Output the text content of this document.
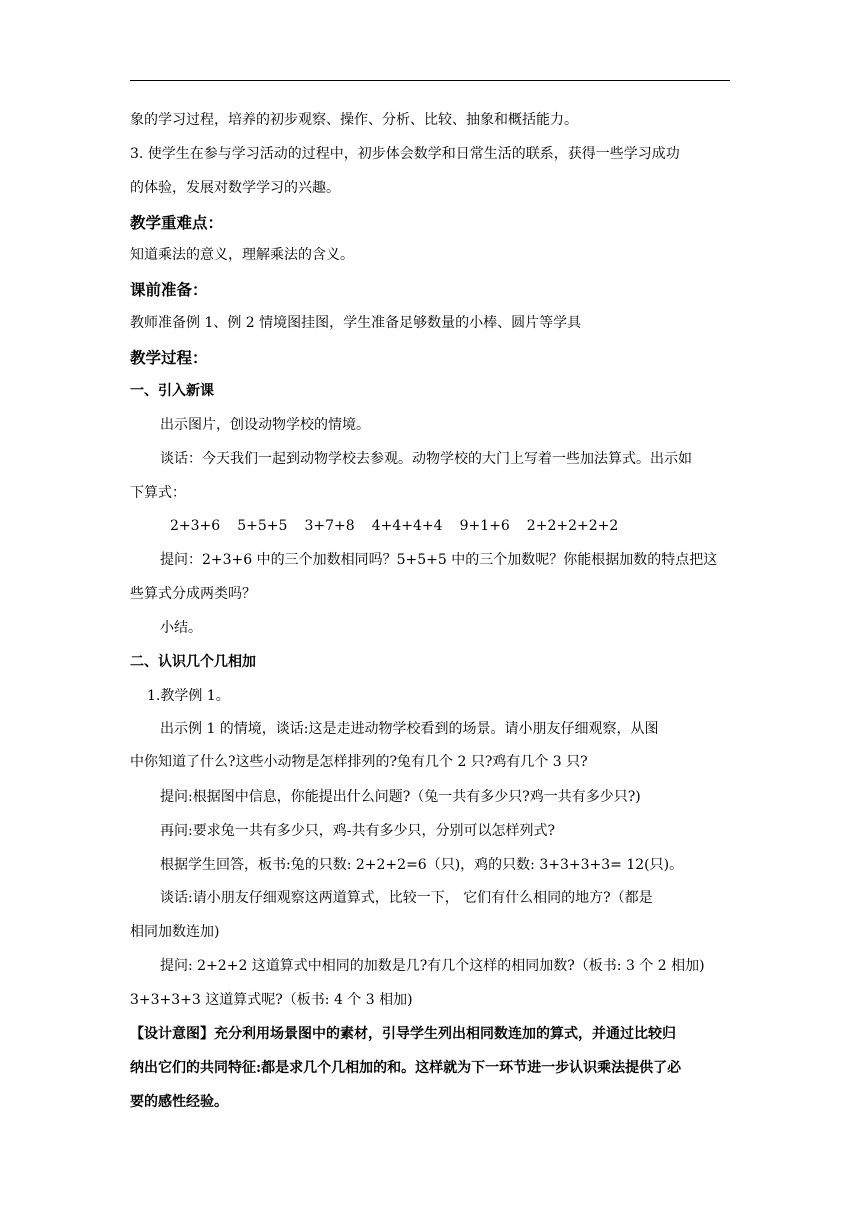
象的学习过程，培养的初步观察、操作、分析、比较、抽象和概括能力。
3. 使学生在参与学习活动的过程中，初步体会数学和日常生活的联系，获得一些学习成功
的体验，发展对数学学习的兴趣。
教学重难点：
知道乘法的意义，理解乘法的含义。
课前准备：
教师准备例 1、例 2 情境图挂图，学生准备足够数量的小棒、圆片等学具
教学过程：
一、引入新课
出示图片，创设动物学校的情境。
谈话：今天我们一起到动物学校去参观。动物学校的大门上写着一些加法算式。出示如
下算式：
2+3+6 5+5+5 3+7+8 4+4+4+4 9+1+6 2+2+2+2+2
提问：2+3+6 中的三个加数相同吗？5+5+5 中的三个加数呢？你能根据加数的特点把这
些算式分成两类吗？
小结。
二、认识几个几相加
1.教学例 1。
出示例 1 的情境，谈话:这是走进动物学校看到的场景。请小朋友仔细观察，从图
中你知道了什么?这些小动物是怎样排列的?兔有几个 2 只?鸡有几个 3 只?
提问:根据图中信息，你能提出什么问题?（兔一共有多少只?鸡一共有多少只?)
再问:要求兔一共有多少只，鸡-共有多少只，分别可以怎样列式?
根据学生回答，板书:兔的只数: 2+2+2=6（只)，鸡的只数: 3+3+3+3= 12(只)。
谈话:请小朋友仔细观察这两道算式，比较一下， 它们有什么相同的地方?（都是
相同加数连加)
提问: 2+2+2 这道算式中相同的加数是几?有几个这样的相同加数?（板书: 3 个 2 相加)
3+3+3+3 这道算式呢?（板书: 4 个 3 相加)
【设计意图】充分利用场景图中的素材，引导学生列出相同数连加的算式，并通过比较归
纳出它们的共同特征:都是求几个几相加的和。这样就为下一环节进一步认识乘法提供了必
要的感性经验。
